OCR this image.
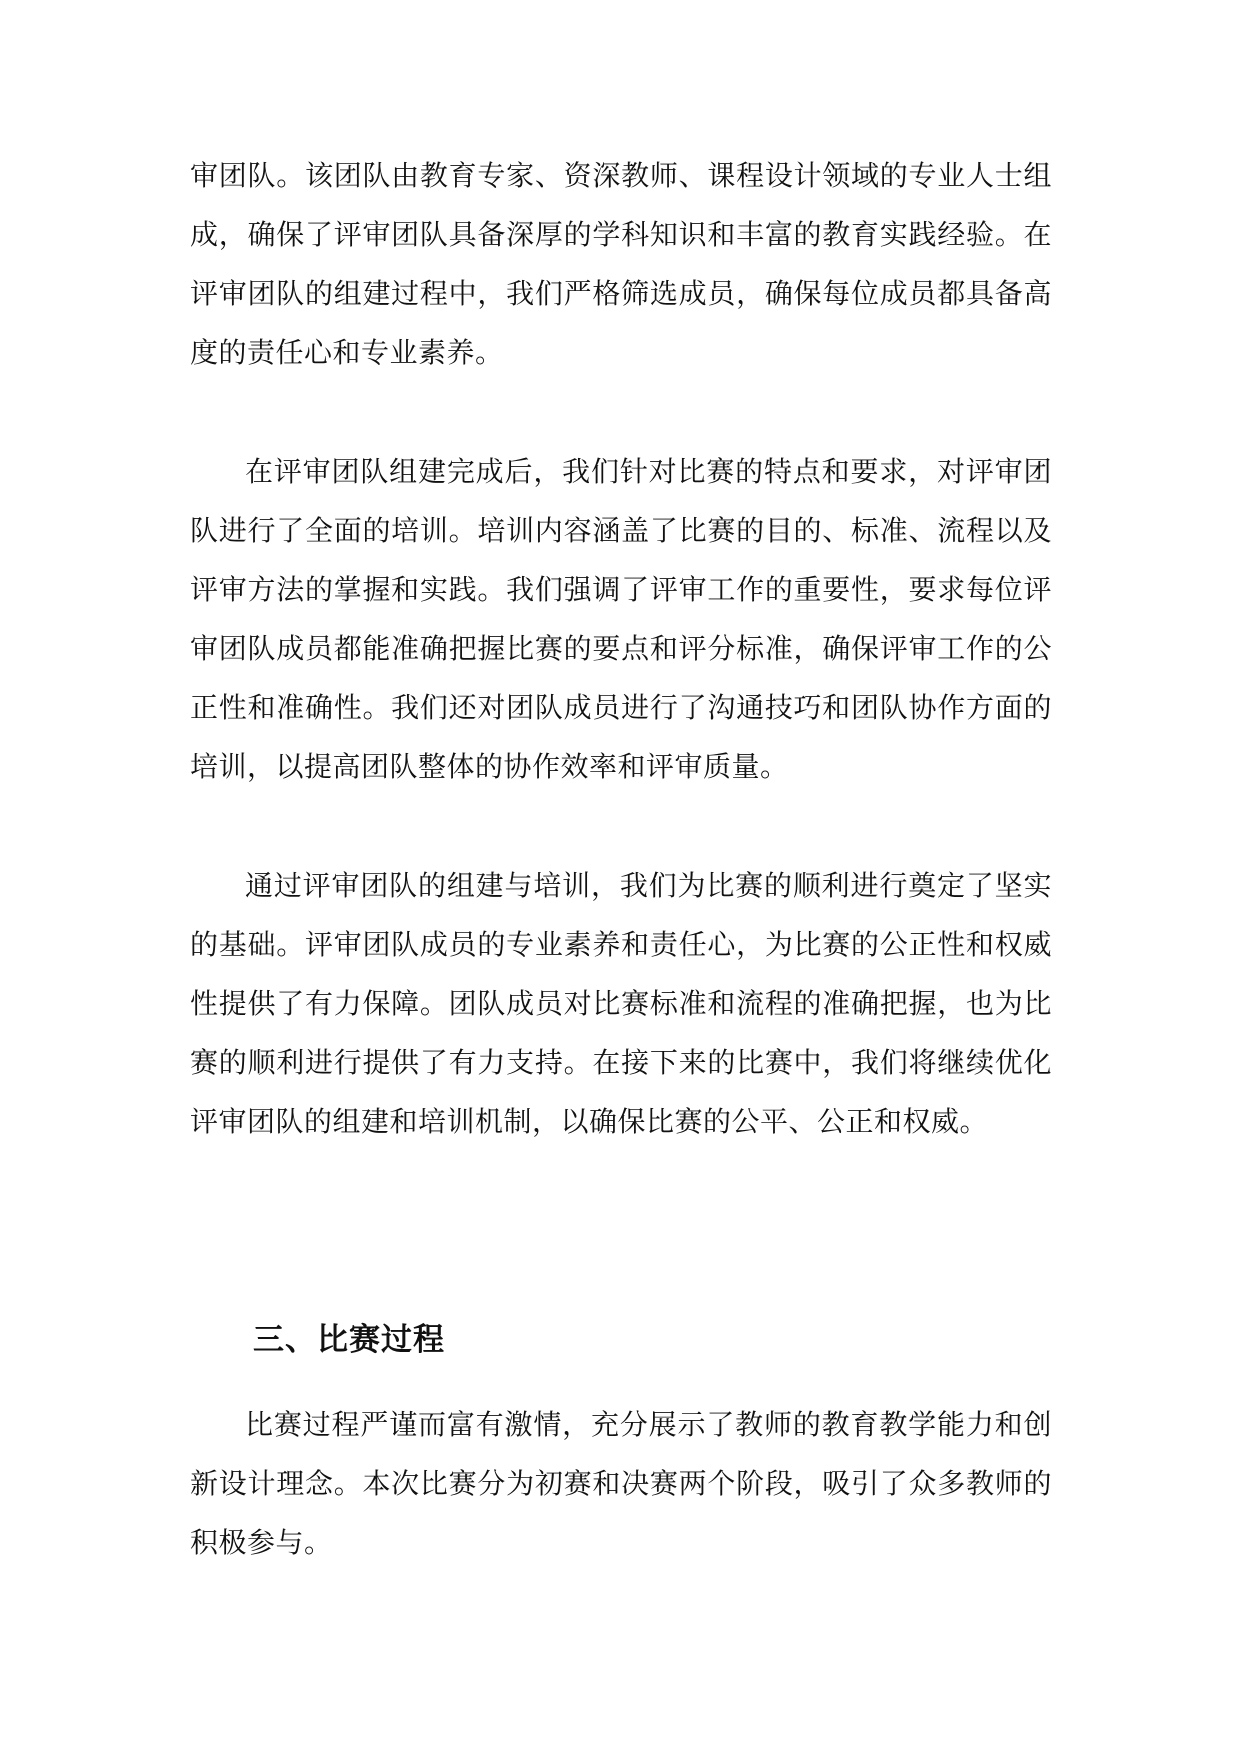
审团队。该团队由教育专家、资深教师、课程设计领域的专业人士组
成，确保了评审团队具备深厚的学科知识和丰富的教育实践经验。在
评审团队的组建过程中，我们严格筛选成员，确保每位成员都具备高
度的责任心和专业素养。
在评审团队组建完成后，我们针对比赛的特点和要求，对评审团
队进行了全面的培训。培训内容涵盖了比赛的目的、标准、流程以及
评审方法的掌握和实践。我们强调了评审工作的重要性，要求每位评
审团队成员都能准确把握比赛的要点和评分标准，确保评审工作的公
正性和准确性。我们还对团队成员进行了沟通技巧和团队协作方面的
培训，以提高团队整体的协作效率和评审质量。
通过评审团队的组建与培训，我们为比赛的顺利进行奠定了坚实
的基础。评审团队成员的专业素养和责任心，为比赛的公正性和权威
性提供了有力保障。团队成员对比赛标准和流程的准确把握，也为比
赛的顺利进行提供了有力支持。在接下来的比赛中，我们将继续优化
评审团队的组建和培训机制，以确保比赛的公平、公正和权威。
三、比赛过程
比赛过程严谨而富有激情，充分展示了教师的教育教学能力和创
新设计理念。本次比赛分为初赛和决赛两个阶段，吸引了众多教师的
积极参与。
